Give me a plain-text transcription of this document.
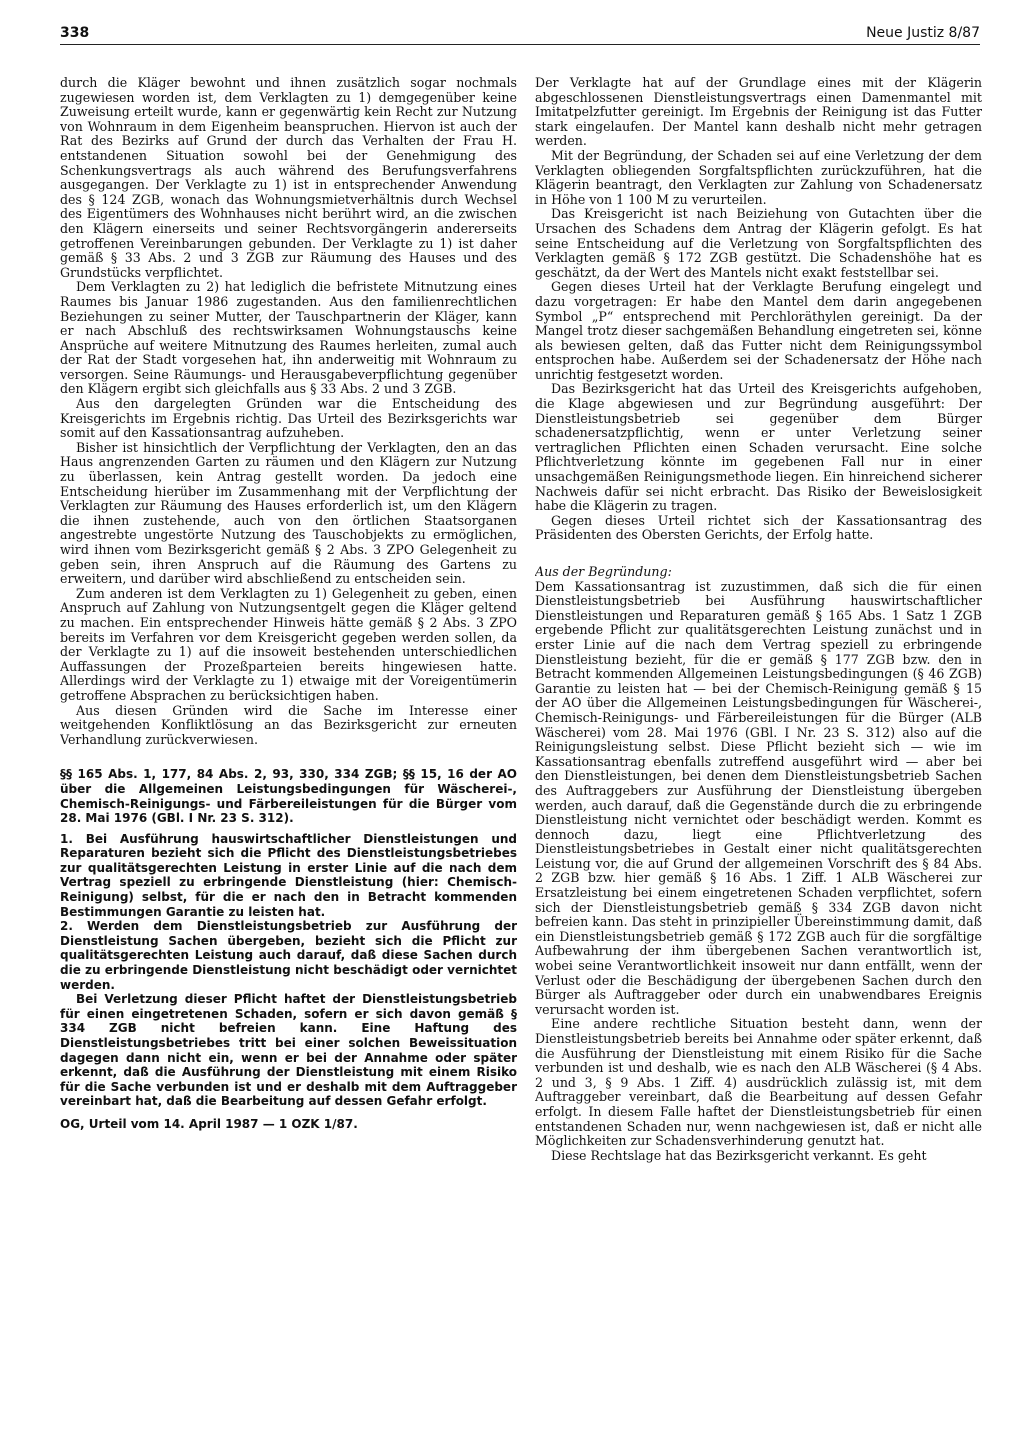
338	Neue Justiz 8/87

durch die Kläger bewohnt und ihnen zusätzlich sogar nochmals zugewiesen worden ist, dem Verklagten zu 1) demgegenüber keine Zuweisung erteilt wurde, kann er gegenwärtig kein Recht zur Nutzung von Wohnraum in dem Eigenheim beanspruchen. Hiervon ist auch der Rat des Bezirks auf Grund der durch das Verhalten der Frau H. entstandenen Situation sowohl bei der Genehmigung des Schenkungsvertrags als auch während des Berufungsverfahrens ausgegangen. Der Verklagte zu 1) ist in entsprechender Anwendung des § 124 ZGB, wonach das Wohnungsmietverhältnis durch Wechsel des Eigentümers des Wohnhauses nicht berührt wird, an die zwischen den Klägern einerseits und seiner Rechtsvorgängerin andererseits getroffenen Vereinbarungen gebunden. Der Verklagte zu 1) ist daher gemäß § 33 Abs. 2 und 3 ZGB zur Räumung des Hauses und des Grundstücks verpflichtet.

Dem Verklagten zu 2) hat lediglich die befristete Mitnutzung eines Raumes bis Januar 1986 zugestanden. Aus den familienrechtlichen Beziehungen zu seiner Mutter, der Tauschpartnerin der Kläger, kann er nach Abschluß des rechtswirksamen Wohnungstauschs keine Ansprüche auf weitere Mitnutzung des Raumes herleiten, zumal auch der Rat der Stadt vorgesehen hat, ihn anderweitig mit Wohnraum zu versorgen. Seine Räumungs- und Herausgabeverpflichtung gegenüber den Klägern ergibt sich gleichfalls aus § 33 Abs. 2 und 3 ZGB.

Aus den dargelegten Gründen war die Entscheidung des Kreisgerichts im Ergebnis richtig. Das Urteil des Bezirksgerichts war somit auf den Kassationsantrag aufzuheben.

Bisher ist hinsichtlich der Verpflichtung der Verklagten, den an das Haus angrenzenden Garten zu räumen und den Klägern zur Nutzung zu überlassen, kein Antrag gestellt worden. Da jedoch eine Entscheidung hierüber im Zusammenhang mit der Verpflichtung der Verklagten zur Räumung des Hauses erforderlich ist, um den Klägern die ihnen zustehende, auch von den örtlichen Staatsorganen angestrebte ungestörte Nutzung des Tauschobjekts zu ermöglichen, wird ihnen vom Bezirksgericht gemäß § 2 Abs. 3 ZPO Gelegenheit zu geben sein, ihren Anspruch auf die Räumung des Gartens zu erweitern, und darüber wird abschließend zu entscheiden sein.

Zum anderen ist dem Verklagten zu 1) Gelegenheit zu geben, einen Anspruch auf Zahlung von Nutzungsentgelt gegen die Kläger geltend zu machen. Ein entsprechender Hinweis hätte gemäß § 2 Abs. 3 ZPO bereits im Verfahren vor dem Kreisgericht gegeben werden sollen, da der Verklagte zu 1) auf die insoweit bestehenden unterschiedlichen Auffassungen der Prozeßparteien bereits hingewiesen hatte. Allerdings wird der Verklagte zu 1) etwaige mit der Voreigentümerin getroffene Absprachen zu berücksichtigen haben.

Aus diesen Gründen wird die Sache im Interesse einer weitgehenden Konfliktlösung an das Bezirksgericht zur erneuten Verhandlung zurückverwiesen.

§§ 165 Abs. 1, 177, 84 Abs. 2, 93, 330, 334 ZGB; §§ 15, 16 der AO über die Allgemeinen Leistungsbedingungen für Wäscherei-, Chemisch-Reinigungs- und Färbereileistungen für die Bürger vom 28. Mai 1976 (GBl. I Nr. 23 S. 312).

1. Bei Ausführung hauswirtschaftlicher Dienstleistungen und Reparaturen bezieht sich die Pflicht des Dienstleistungsbetriebes zur qualitätsgerechten Leistung in erster Linie auf die nach dem Vertrag speziell zu erbringende Dienstleistung (hier: Chemisch-Reinigung) selbst, für die er nach den in Betracht kommenden Bestimmungen Garantie zu leisten hat.

2. Werden dem Dienstleistungsbetrieb zur Ausführung der Dienstleistung Sachen übergeben, bezieht sich die Pflicht zur qualitätsgerechten Leistung auch darauf, daß diese Sachen durch die zu erbringende Dienstleistung nicht beschädigt oder vernichtet werden.

Bei Verletzung dieser Pflicht haftet der Dienstleistungsbetrieb für einen eingetretenen Schaden, sofern er sich davon gemäß § 334 ZGB nicht befreien kann. Eine Haftung des Dienstleistungsbetriebes tritt bei einer solchen Beweissituation dagegen dann nicht ein, wenn er bei der Annahme oder später erkennt, daß die Ausführung der Dienstleistung mit einem Risiko für die Sache verbunden ist und er deshalb mit dem Auftraggeber vereinbart hat, daß die Bearbeitung auf dessen Gefahr erfolgt.

OG, Urteil vom 14. April 1987 — 1 OZK 1/87.

Der Verklagte hat auf der Grundlage eines mit der Klägerin abgeschlossenen Dienstleistungsvertrags einen Damenmantel mit Imitatpelzfutter gereinigt. Im Ergebnis der Reinigung ist das Futter stark eingelaufen. Der Mantel kann deshalb nicht mehr getragen werden.

Mit der Begründung, der Schaden sei auf eine Verletzung der dem Verklagten obliegenden Sorgfaltspflichten zurückzuführen, hat die Klägerin beantragt, den Verklagten zur Zahlung von Schadenersatz in Höhe von 1 100 M zu verurteilen.

Das Kreisgericht ist nach Beiziehung von Gutachten über die Ursachen des Schadens dem Antrag der Klägerin gefolgt. Es hat seine Entscheidung auf die Verletzung von Sorgfaltspflichten des Verklagten gemäß § 172 ZGB gestützt. Die Schadenshöhe hat es geschätzt, da der Wert des Mantels nicht exakt feststellbar sei.

Gegen dieses Urteil hat der Verklagte Berufung eingelegt und dazu vorgetragen: Er habe den Mantel dem darin angegebenen Symbol „P“ entsprechend mit Perchloräthylen gereinigt. Da der Mangel trotz dieser sachgemäßen Behandlung eingetreten sei, könne als bewiesen gelten, daß das Futter nicht dem Reinigungssymbol entsprochen habe. Außerdem sei der Schadenersatz der Höhe nach unrichtig festgesetzt worden.

Das Bezirksgericht hat das Urteil des Kreisgerichts aufgehoben, die Klage abgewiesen und zur Begründung ausgeführt: Der Dienstleistungsbetrieb sei gegenüber dem Bürger schadenersatzpflichtig, wenn er unter Verletzung seiner vertraglichen Pflichten einen Schaden verursacht. Eine solche Pflichtverletzung könnte im gegebenen Fall nur in einer unsachgemäßen Reinigungsmethode liegen. Ein hinreichend sicherer Nachweis dafür sei nicht erbracht. Das Risiko der Beweislosigkeit habe die Klägerin zu tragen.

Gegen dieses Urteil richtet sich der Kassationsantrag des Präsidenten des Obersten Gerichts, der Erfolg hatte.

Aus der Begründung:

Dem Kassationsantrag ist zuzustimmen, daß sich die für einen Dienstleistungsbetrieb bei Ausführung hauswirtschaftlicher Dienstleistungen und Reparaturen gemäß § 165 Abs. 1 Satz 1 ZGB ergebende Pflicht zur qualitätsgerechten Leistung zunächst und in erster Linie auf die nach dem Vertrag speziell zu erbringende Dienstleistung bezieht, für die er gemäß § 177 ZGB bzw. den in Betracht kommenden Allgemeinen Leistungsbedingungen (§ 46 ZGB) Garantie zu leisten hat — bei der Chemisch-Reinigung gemäß § 15 der AO über die Allgemeinen Leistungsbedingungen für Wäscherei-, Chemisch-Reinigungs- und Färbereileistungen für die Bürger (ALB Wäscherei) vom 28. Mai 1976 (GBl. I Nr. 23 S. 312) also auf die Reinigungsleistung selbst. Diese Pflicht bezieht sich — wie im Kassationsantrag ebenfalls zutreffend ausgeführt wird — aber bei den Dienstleistungen, bei denen dem Dienstleistungsbetrieb Sachen des Auftraggebers zur Ausführung der Dienstleistung übergeben werden, auch darauf, daß die Gegenstände durch die zu erbringende Dienstleistung nicht vernichtet oder beschädigt werden. Kommt es dennoch dazu, liegt eine Pflichtverletzung des Dienstleistungsbetriebes in Gestalt einer nicht qualitätsgerechten Leistung vor, die auf Grund der allgemeinen Vorschrift des § 84 Abs. 2 ZGB bzw. hier gemäß § 16 Abs. 1 Ziff. 1 ALB Wäscherei zur Ersatzleistung bei einem eingetretenen Schaden verpflichtet, sofern sich der Dienstleistungsbetrieb gemäß § 334 ZGB davon nicht befreien kann. Das steht in prinzipieller Übereinstimmung damit, daß ein Dienstleistungsbetrieb gemäß § 172 ZGB auch für die sorgfältige Aufbewahrung der ihm übergebenen Sachen verantwortlich ist, wobei seine Verantwortlichkeit insoweit nur dann entfällt, wenn der Verlust oder die Beschädigung der übergebenen Sachen durch den Bürger als Auftraggeber oder durch ein unabwendbares Ereignis verursacht worden ist.

Eine andere rechtliche Situation besteht dann, wenn der Dienstleistungsbetrieb bereits bei Annahme oder später erkennt, daß die Ausführung der Dienstleistung mit einem Risiko für die Sache verbunden ist und deshalb, wie es nach den ALB Wäscherei (§ 4 Abs. 2 und 3, § 9 Abs. 1 Ziff. 4) ausdrücklich zulässig ist, mit dem Auftraggeber vereinbart, daß die Bearbeitung auf dessen Gefahr erfolgt. In diesem Falle haftet der Dienstleistungsbetrieb für einen entstandenen Schaden nur, wenn nachgewiesen ist, daß er nicht alle Möglichkeiten zur Schadensverhinderung genutzt hat.

Diese Rechtslage hat das Bezirksgericht verkannt. Es geht
